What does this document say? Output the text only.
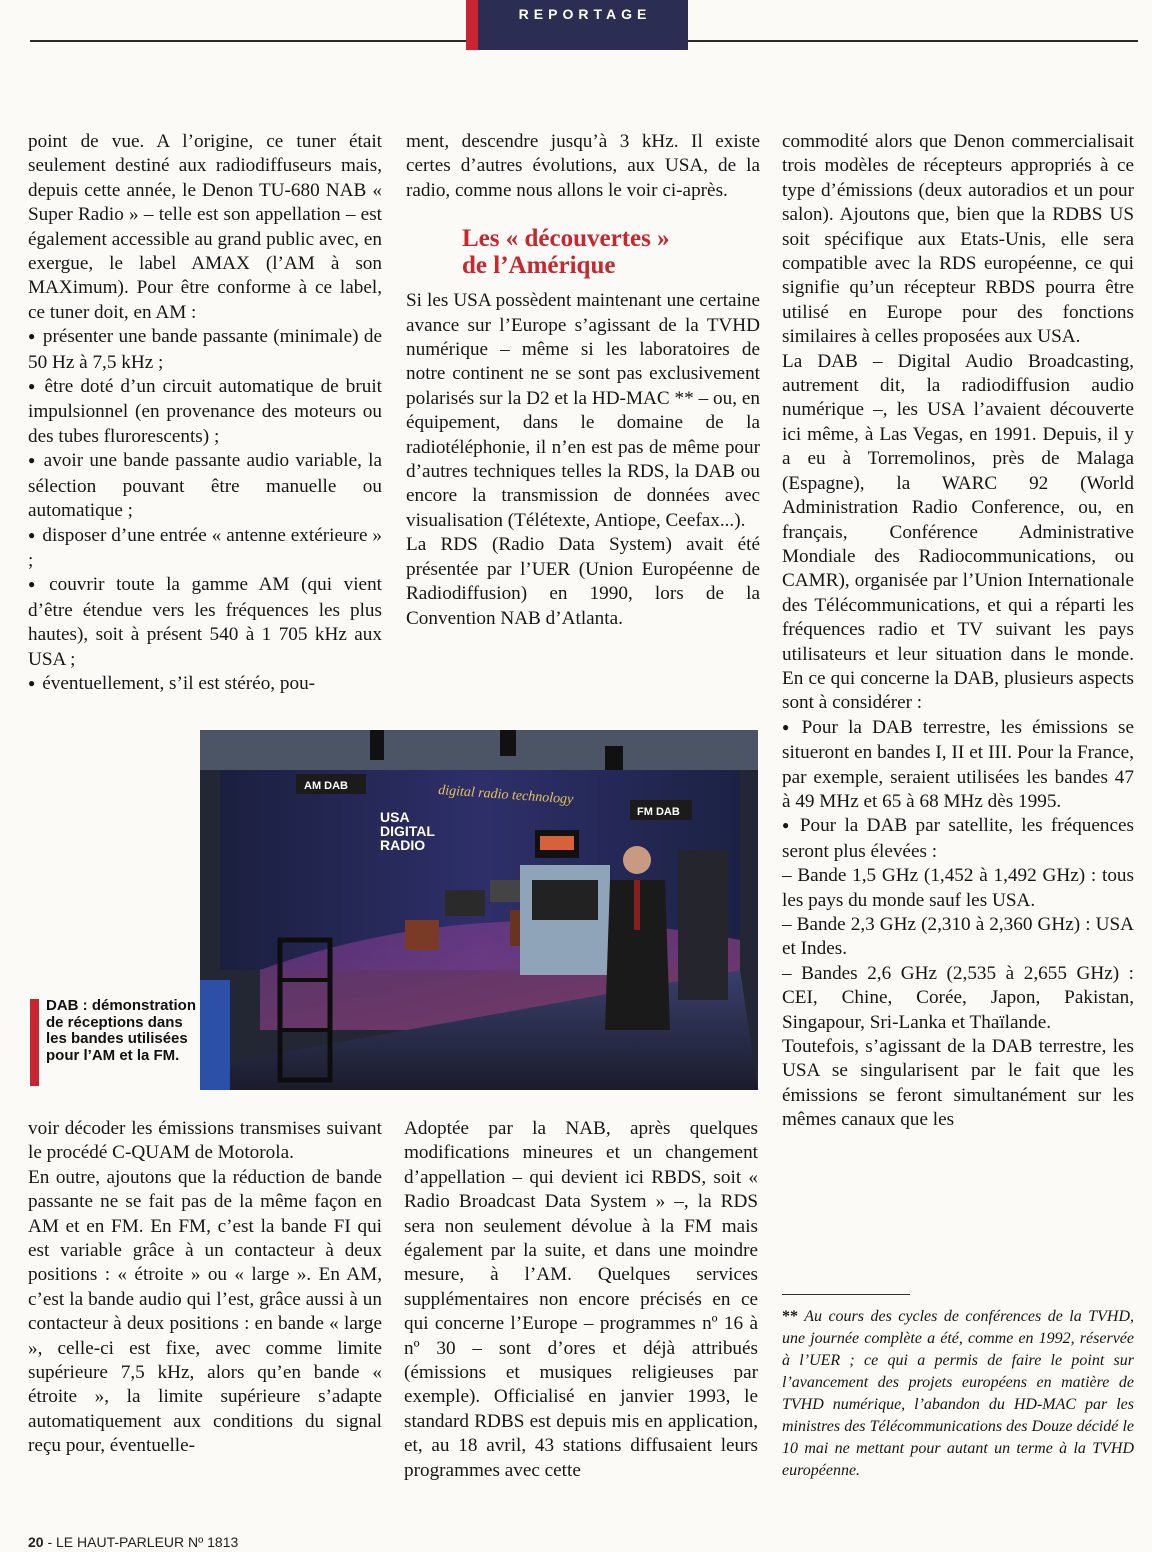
REPORTAGE

point de vue. A l’origine, ce tuner était seulement destiné aux radiodiffuseurs mais, depuis cette année, le Denon TU-680 NAB « Super Radio » – telle est son appellation – est également accessible au grand public avec, en exergue, le label AMAX (l’AM à son MAXimum). Pour être conforme à ce label, ce tuner doit, en AM :

● présenter une bande passante (minimale) de 50 Hz à 7,5 kHz ;

● être doté d’un circuit automatique de bruit impulsionnel (en provenance des moteurs ou des tubes flurorescents) ;

● avoir une bande passante audio variable, la sélection pouvant être manuelle ou automatique ;

● disposer d’une entrée « antenne extérieure » ;

● couvrir toute la gamme AM (qui vient d’être étendue vers les fréquences les plus hautes), soit à présent 540 à 1 705 kHz aux USA ;

● éventuellement, s’il est stéréo, pou-

ment, descendre jusqu’à 3 kHz. Il existe certes d’autres évolutions, aux USA, de la radio, comme nous allons le voir ci-après.

Les « découvertes »
de l’Amérique

Si les USA possèdent maintenant une certaine avance sur l’Europe s’agissant de la TVHD numérique – même si les laboratoires de notre continent ne se sont pas exclusivement polarisés sur la D2 et la HD-MAC ** – ou, en équipement, dans le domaine de la radiotéléphonie, il n’en est pas de même pour d’autres techniques telles la RDS, la DAB ou encore la transmission de données avec visualisation (Télétexte, Antiope, Ceefax...).

La RDS (Radio Data System) avait été présentée par l’UER (Union Européenne de Radiodiffusion) en 1990, lors de la Convention NAB d’Atlanta.

commodité alors que Denon commercialisait trois modèles de récepteurs appropriés à ce type d’émissions (deux autoradios et un pour salon). Ajoutons que, bien que la RDBS US soit spécifique aux Etats-Unis, elle sera compatible avec la RDS européenne, ce qui signifie qu’un récepteur RBDS pourra être utilisé en Europe pour des fonctions similaires à celles proposées aux USA.

La DAB – Digital Audio Broadcasting, autrement dit, la radiodiffusion audio numérique –, les USA l’avaient découverte ici même, à Las Vegas, en 1991. Depuis, il y a eu à Torremolinos, près de Malaga (Espagne), la WARC 92 (World Administration Radio Conference, ou, en français, Conférence Administrative Mondiale des Radiocommunications, ou CAMR), organisée par l’Union Internationale des Télécommunications, et qui a réparti les fréquences radio et TV suivant les pays utilisateurs et leur situation dans le monde. En ce qui concerne la DAB, plusieurs aspects sont à considérer :

● Pour la DAB terrestre, les émissions se situeront en bandes I, II et III. Pour la France, par exemple, seraient utilisées les bandes 47 à 49 MHz et 65 à 68 MHz dès 1995.

● Pour la DAB par satellite, les fréquences seront plus élevées :

– Bande 1,5 GHz (1,452 à 1,492 GHz) : tous les pays du monde sauf les USA.

– Bande 2,3 GHz (2,310 à 2,360 GHz) : USA et Indes.

– Bandes 2,6 GHz (2,535 à 2,655 GHz) : CEI, Chine, Corée, Japon, Pakistan, Singapour, Sri-Lanka et Thaïlande.

Toutefois, s’agissant de la DAB terrestre, les USA se singularisent par le fait que les émissions se feront simultanément sur les mêmes canaux que les

** Au cours des cycles de conférences de la TVHD, une journée complète a été, comme en 1992, réservée à l’UER ; ce qui a permis de faire le point sur l’avancement des projets européens en matière de TVHD numérique, l’abandon du HD-MAC par les ministres des Télécommunications des Douze décidé le 10 mai ne mettant pour autant un terme à la TVHD européenne.
AM DAB
FM DAB
USA
DIGITAL
RADIO
digital radio technology
DAB : démonstration de réceptions dans les bandes utilisées pour l’AM et la FM.

voir décoder les émissions transmises suivant le procédé C-QUAM de Motorola.

En outre, ajoutons que la réduction de bande passante ne se fait pas de la même façon en AM et en FM. En FM, c’est la bande FI qui est variable grâce à un contacteur à deux positions : « étroite » ou « large ». En AM, c’est la bande audio qui l’est, grâce aussi à un contacteur à deux positions : en bande « large », celle-ci est fixe, avec comme limite supérieure 7,5 kHz, alors qu’en bande « étroite », la limite supérieure s’adapte automatiquement aux conditions du signal reçu pour, éventuelle-

Adoptée par la NAB, après quelques modifications mineures et un changement d’appellation – qui devient ici RBDS, soit « Radio Broadcast Data System » –, la RDS sera non seulement dévolue à la FM mais également par la suite, et dans une moindre mesure, à l’AM. Quelques services supplémentaires non encore précisés en ce qui concerne l’Europe – programmes nº 16 à nº 30 – sont d’ores et déjà attribués (émissions et musiques religieuses par exemple). Officialisé en janvier 1993, le standard RDBS est depuis mis en application, et, au 18 avril, 43 stations diffusaient leurs programmes avec cette

20 - LE HAUT-PARLEUR Nº 1813
